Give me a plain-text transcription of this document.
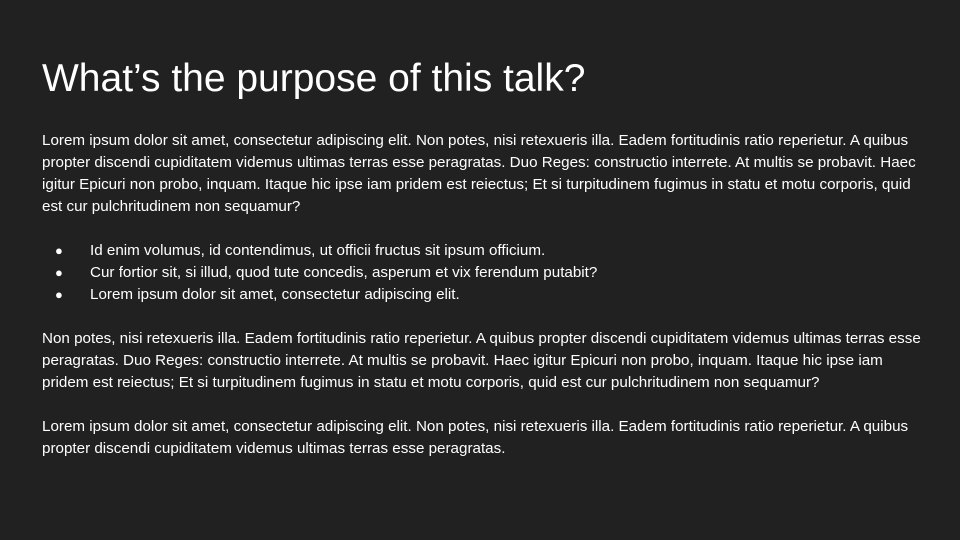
What’s the purpose of this talk?

Lorem ipsum dolor sit amet, consectetur adipiscing elit. Non potes, nisi retexueris illa. Eadem fortitudinis ratio reperietur. A quibus propter discendi cupiditatem videmus ultimas terras esse peragratas. Duo Reges: constructio interrete. At multis se probavit. Haec igitur Epicuri non probo, inquam. Itaque hic ipse iam pridem est reiectus; Et si turpitudinem fugimus in statu et motu corporis, quid est cur pulchritudinem non sequamur?

● Id enim volumus, id contendimus, ut officii fructus sit ipsum officium.
● Cur fortior sit, si illud, quod tute concedis, asperum et vix ferendum putabit?
● Lorem ipsum dolor sit amet, consectetur adipiscing elit.

Non potes, nisi retexueris illa. Eadem fortitudinis ratio reperietur. A quibus propter discendi cupiditatem videmus ultimas terras esse peragratas. Duo Reges: constructio interrete. At multis se probavit. Haec igitur Epicuri non probo, inquam. Itaque hic ipse iam pridem est reiectus; Et si turpitudinem fugimus in statu et motu corporis, quid est cur pulchritudinem non sequamur?

Lorem ipsum dolor sit amet, consectetur adipiscing elit. Non potes, nisi retexueris illa. Eadem fortitudinis ratio reperietur. A quibus propter discendi cupiditatem videmus ultimas terras esse peragratas.
